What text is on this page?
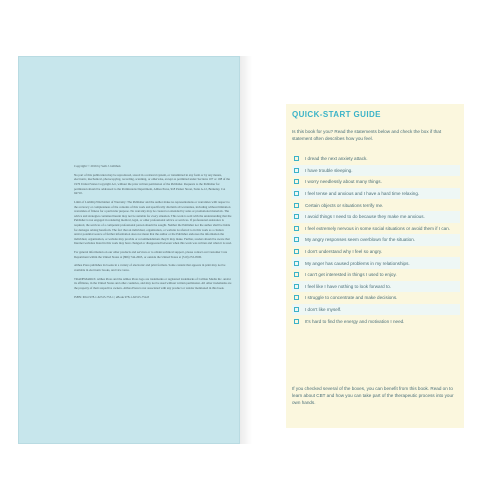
Copyright © 2016 by Seth J. Gillihan

No part of this publication may be reproduced, stored in a retrieval system, or transmitted in any form or by any means, electronic, mechanical, photocopying, recording, scanning, or otherwise, except as permitted under Sections 107 or 108 of the 1976 United States Copyright Act, without the prior written permission of the Publisher. Requests to the Publisher for permission should be addressed to the Permissions Department, Althea Press, 918 Parker Street, Suite A-12, Berkeley, CA 94710.

Limit of Liability/Disclaimer of Warranty: The Publisher and the author make no representations or warranties with respect to the accuracy or completeness of the contents of this work and specifically disclaim all warranties, including without limitation warranties of fitness for a particular purpose. No warranty may be created or extended by sales or promotional materials. The advice and strategies contained herein may not be suitable for every situation. This work is sold with the understanding that the Publisher is not engaged in rendering medical, legal, or other professional advice or services. If professional assistance is required, the services of a competent professional person should be sought. Neither the Publisher nor the author shall be liable for damages arising herefrom. The fact that an individual, organization, or website is referred to in this work as a citation and/or potential source of further information does not mean that the author or the Publisher endorses the information the individual, organization, or website may provide or recommendations they/it may make. Further, readers should be aware that Internet websites listed in this work may have changed or disappeared between when this work was written and when it is read.

For general information on our other products and services or to obtain technical support, please contact our Customer Care Department within the United States at (866) 744-2665, or outside the United States at (510) 253-0500.

Althea Press publishes its books in a variety of electronic and print formats. Some content that appears in print may not be available in electronic books, and vice versa.

TRADEMARKS: Althea Press and the Althea Press logo are trademarks or registered trademarks of Callisto Media Inc. and/or its affiliates, in the United States and other countries, and may not be used without written permission. All other trademarks are the property of their respective owners. Althea Press is not associated with any product or vendor mentioned in this book.

ISBN: Print 978-1-62315-753-1 | eBook 978-1-62315-754-8

QUICK-START GUIDE
Is this book for you? Read the statements below and check the box if that statement often describes how you feel.
I dread the next anxiety attack.
I have trouble sleeping.
I worry needlessly about many things.
I feel tense and anxious and I have a hard time relaxing.
Certain objects or situations terrify me.
I avoid things I need to do because they make me anxious.
I feel extremely nervous in some social situations or avoid them if I can.
My angry responses seem overblown for the situation.
I don't understand why I feel so angry.
My anger has caused problems in my relationships.
I can't get interested in things I used to enjoy.
I feel like I have nothing to look forward to.
I struggle to concentrate and make decisions.
I don't like myself.
It's hard to find the energy and motivation I need.
If you checked several of the boxes, you can benefit from this book. Read on to learn about CBT and how you can take part of the therapeutic process into your own hands.
